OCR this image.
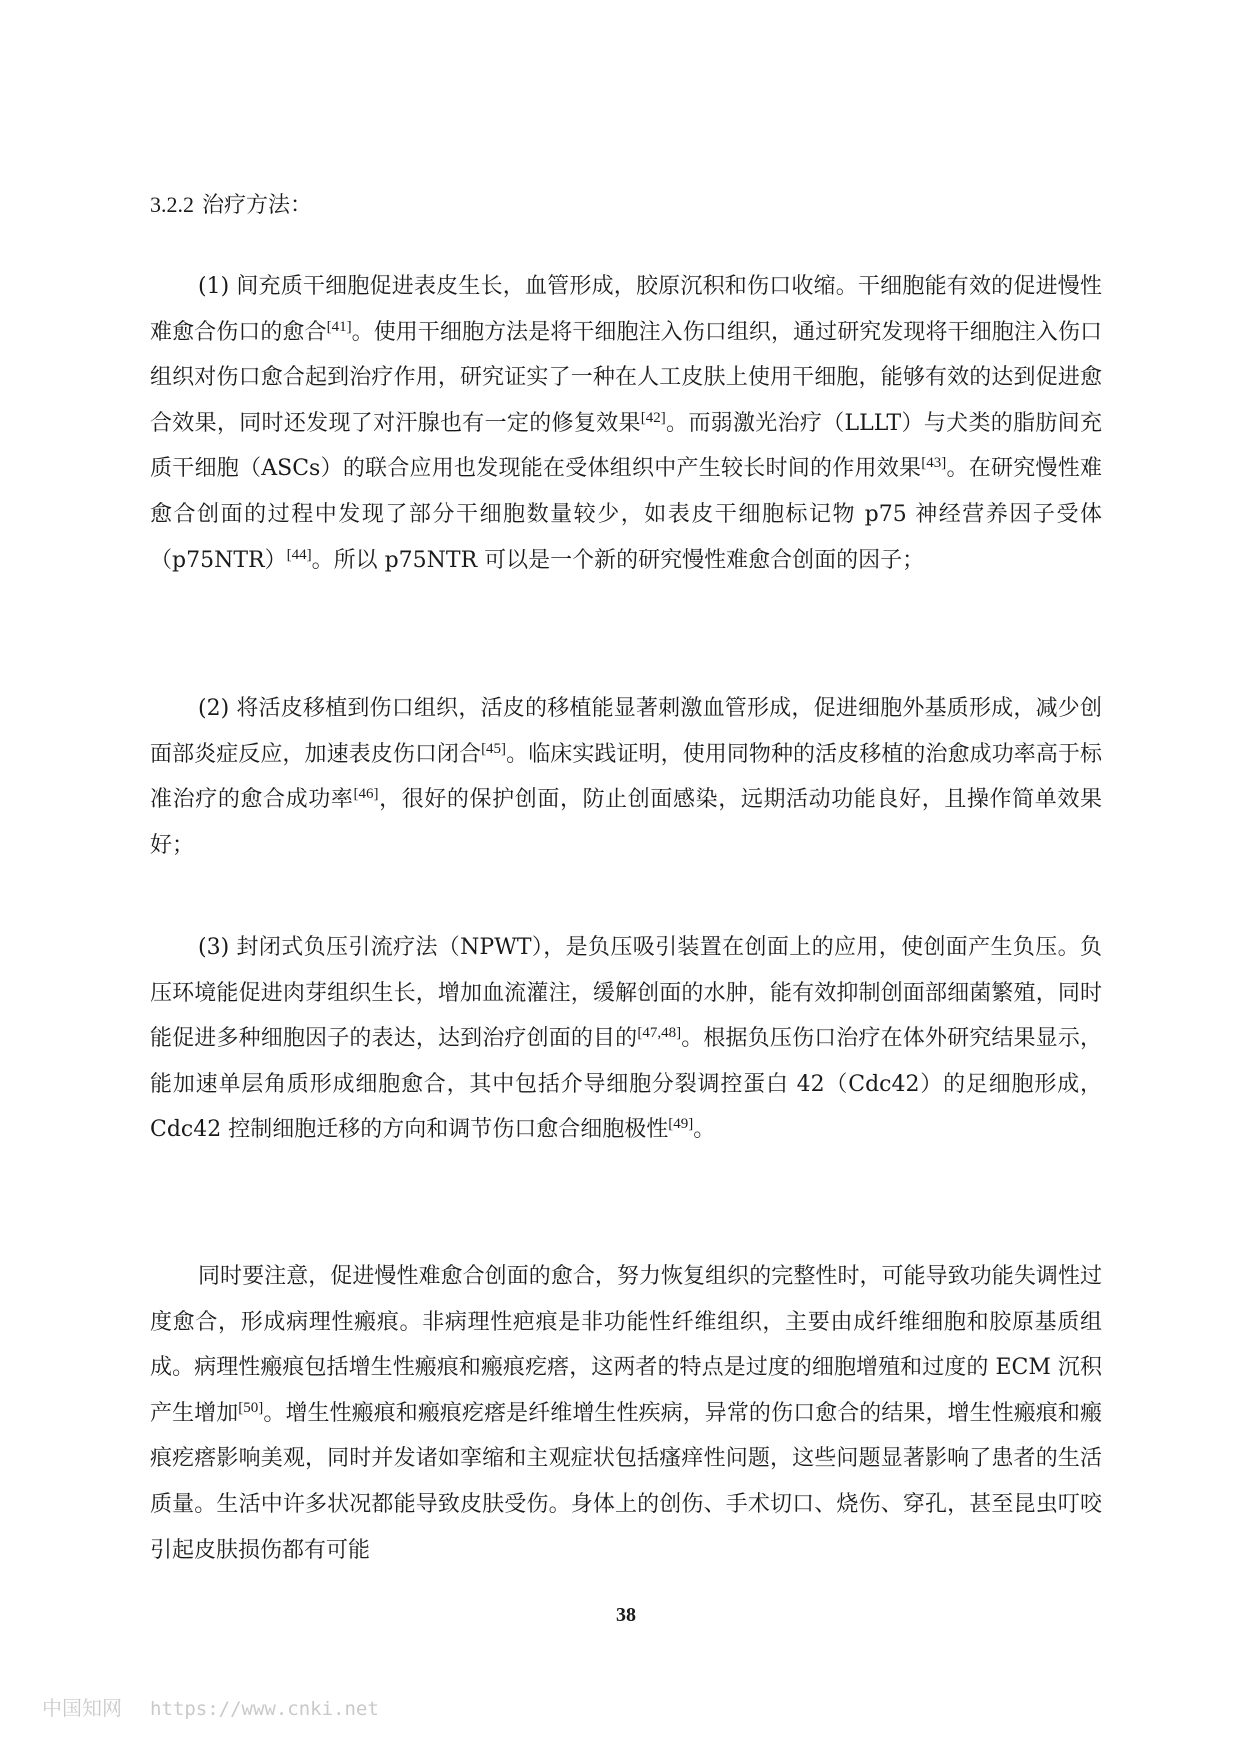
3.2.2 治疗方法：

(1) 间充质干细胞促进表皮生长，血管形成，胶原沉积和伤口收缩。干细胞能有效的促进慢性难愈合伤口的愈合[41]。使用干细胞方法是将干细胞注入伤口组织，通过研究发现将干细胞注入伤口组织对伤口愈合起到治疗作用，研究证实了一种在人工皮肤上使用干细胞，能够有效的达到促进愈合效果，同时还发现了对汗腺也有一定的修复效果[42]。而弱激光治疗（LLLT）与犬类的脂肪间充质干细胞（ASCs）的联合应用也发现能在受体组织中产生较长时间的作用效果[43]。在研究慢性难愈合创面的过程中发现了部分干细胞数量较少，如表皮干细胞标记物 p75 神经营养因子受体（p75NTR）[44]。所以 p75NTR 可以是一个新的研究慢性难愈合创面的因子；

(2) 将活皮移植到伤口组织，活皮的移植能显著刺激血管形成，促进细胞外基质形成，减少创面部炎症反应，加速表皮伤口闭合[45]。临床实践证明，使用同物种的活皮移植的治愈成功率高于标准治疗的愈合成功率[46]，很好的保护创面，防止创面感染，远期活动功能良好，且操作简单效果好；

(3) 封闭式负压引流疗法（NPWT），是负压吸引装置在创面上的应用，使创面产生负压。负压环境能促进肉芽组织生长，增加血流灌注，缓解创面的水肿，能有效抑制创面部细菌繁殖，同时能促进多种细胞因子的表达，达到治疗创面的目的[47,48]。根据负压伤口治疗在体外研究结果显示，能加速单层角质形成细胞愈合，其中包括介导细胞分裂调控蛋白 42（Cdc42）的足细胞形成，Cdc42 控制细胞迁移的方向和调节伤口愈合细胞极性[49]。

同时要注意，促进慢性难愈合创面的愈合，努力恢复组织的完整性时，可能导致功能失调性过度愈合，形成病理性瘢痕。非病理性疤痕是非功能性纤维组织，主要由成纤维细胞和胶原基质组成。病理性瘢痕包括增生性瘢痕和瘢痕疙瘩，这两者的特点是过度的细胞增殖和过度的 ECM 沉积产生增加[50]。增生性瘢痕和瘢痕疙瘩是纤维增生性疾病，异常的伤口愈合的结果，增生性瘢痕和瘢痕疙瘩影响美观，同时并发诸如挛缩和主观症状包括瘙痒性问题，这些问题显著影响了患者的生活质量。生活中许多状况都能导致皮肤受伤。身体上的创伤、手术切口、烧伤、穿孔，甚至昆虫叮咬引起皮肤损伤都有可能

38
中国知网 https://www.cnki.net
